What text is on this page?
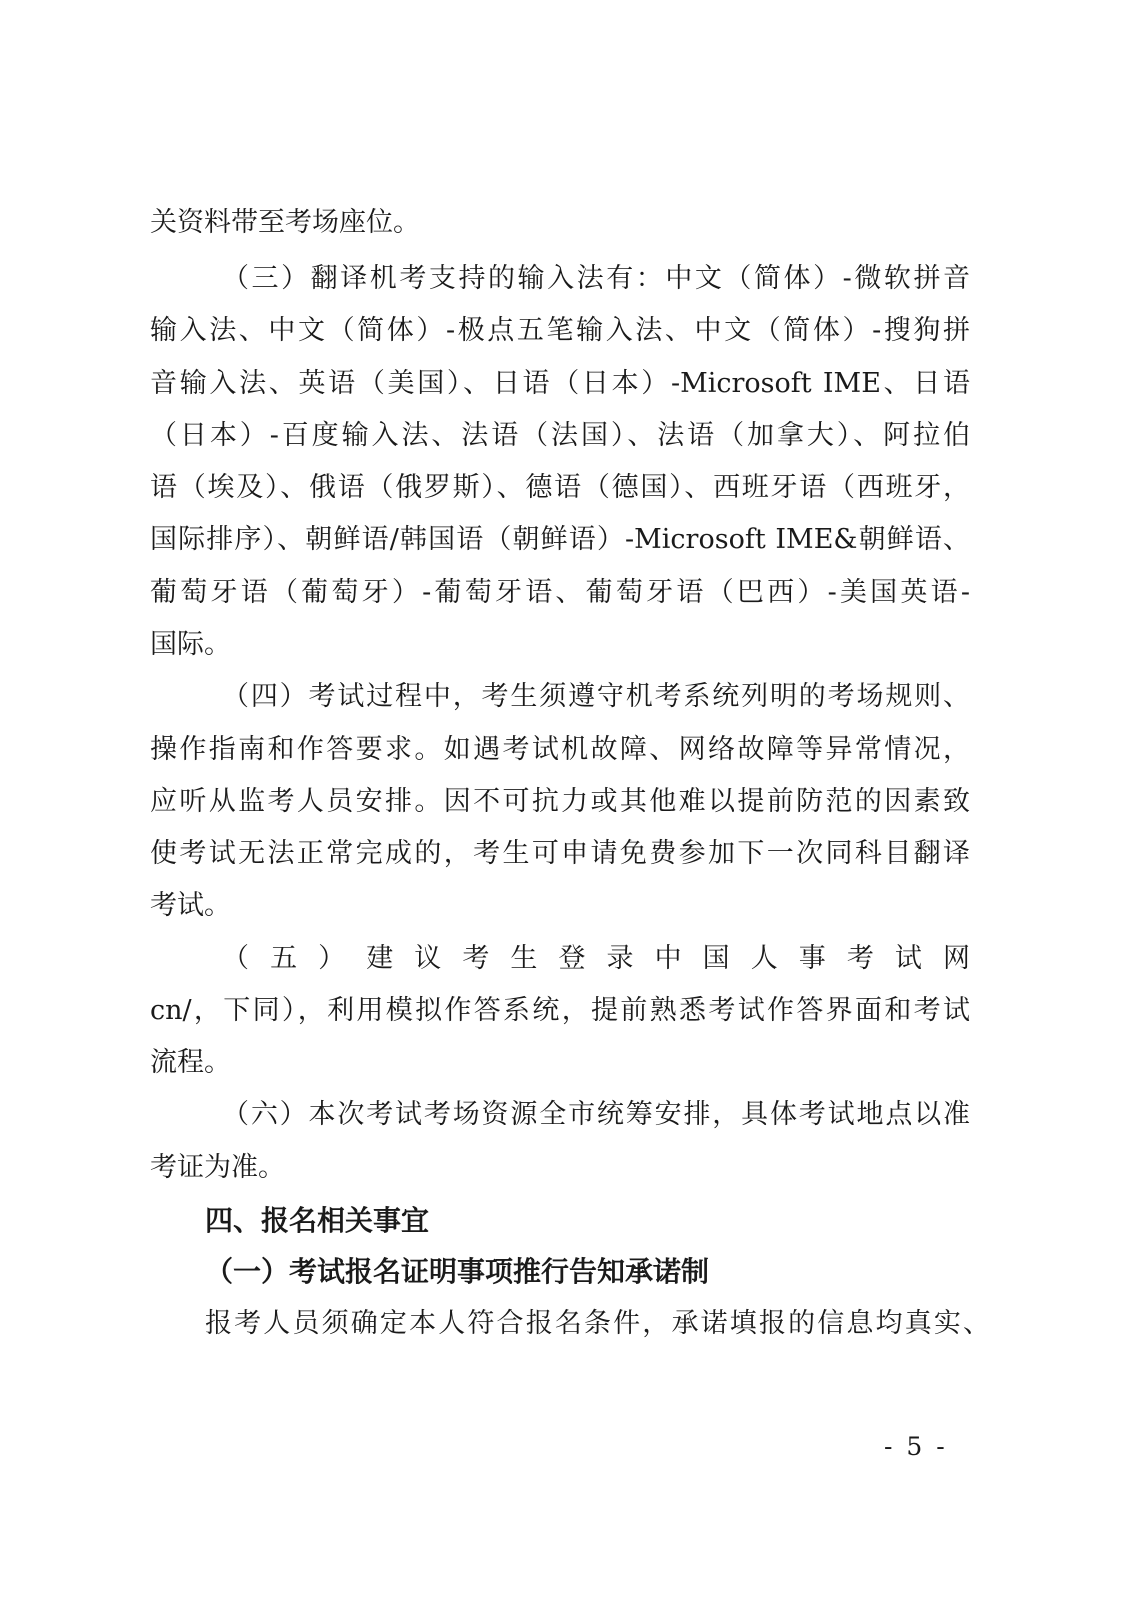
关资料带至考场座位。
（三）翻译机考支持的输入法有：中文（简体）-微软拼音
输入法、中文（简体）-极点五笔输入法、中文（简体）-搜狗拼
音输入法、英语（美国）、日语（日本）-Microsoft IME、日语
（日本）-百度输入法、法语（法国）、法语（加拿大）、阿拉伯
语（埃及）、俄语（俄罗斯）、德语（德国）、西班牙语（西班牙，
国际排序）、朝鲜语/韩国语（朝鲜语）-Microsoft IME&朝鲜语、
葡萄牙语（葡萄牙）-葡萄牙语、葡萄牙语（巴西）-美国英语-
国际。
（四）考试过程中，考生须遵守机考系统列明的考场规则、
操作指南和作答要求。如遇考试机故障、网络故障等异常情况，
应听从监考人员安排。因不可抗力或其他难以提前防范的因素致
使考试无法正常完成的，考生可申请免费参加下一次同科目翻译
考试。
（五）建议考生登录中国人事考试网
cn/，下同），利用模拟作答系统，提前熟悉考试作答界面和考试
流程。
（六）本次考试考场资源全市统筹安排，具体考试地点以准
考证为准。
四、报名相关事宜
（一）考试报名证明事项推行告知承诺制
报考人员须确定本人符合报名条件，承诺填报的信息均真实、
- 5 -
